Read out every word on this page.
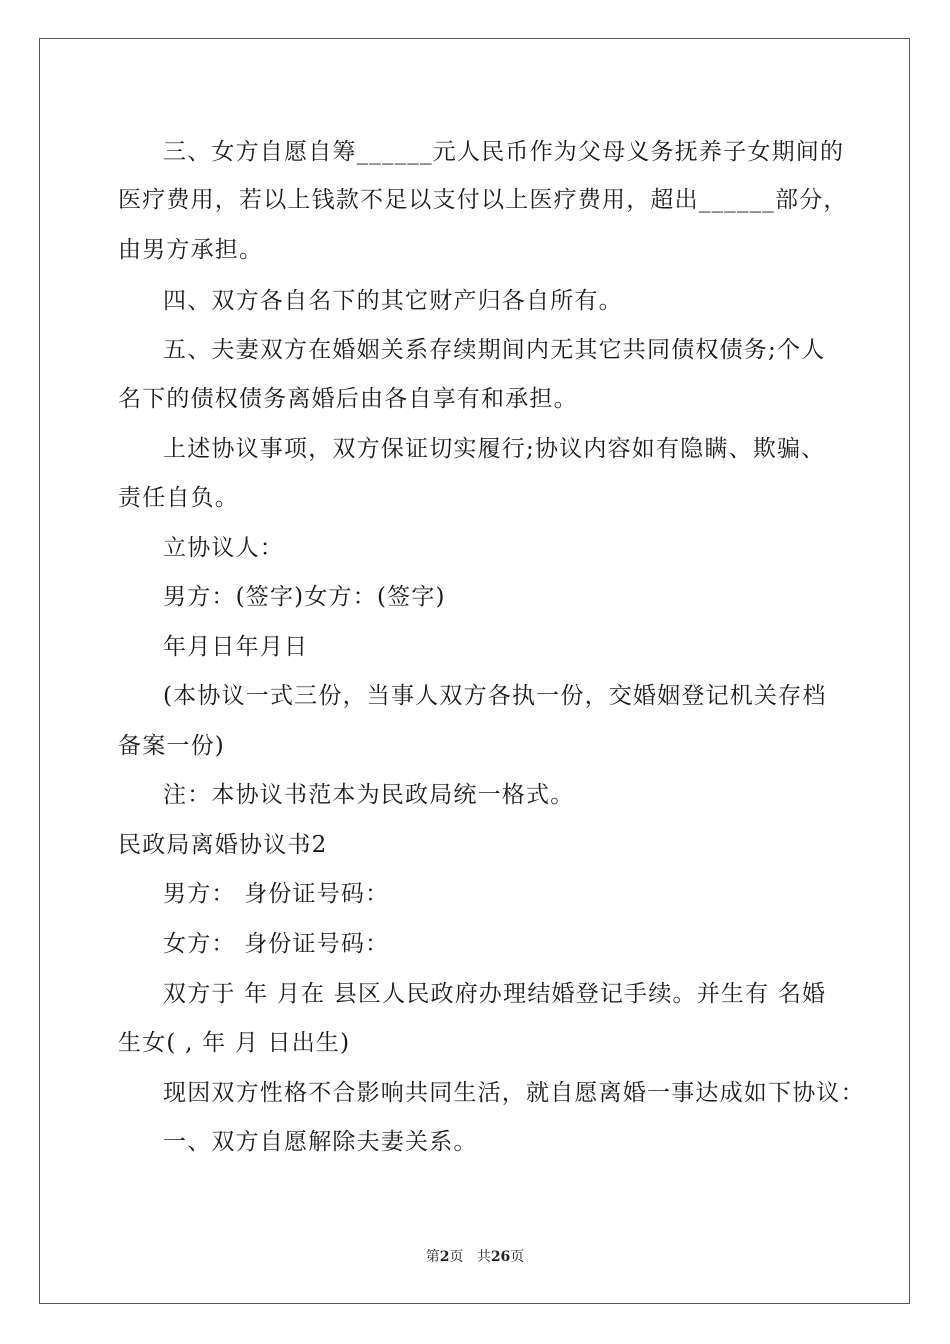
三、女方自愿自筹______元人民币作为父母义务抚养子女期间的
医疗费用，若以上钱款不足以支付以上医疗费用，超出______部分，
由男方承担。
四、双方各自名下的其它财产归各自所有。
五、夫妻双方在婚姻关系存续期间内无其它共同债权债务;个人
名下的债权债务离婚后由各自享有和承担。
上述协议事项，双方保证切实履行;协议内容如有隐瞒、欺骗、
责任自负。
立协议人：
男方：(签字)女方：(签字)
年月日年月日
(本协议一式三份，当事人双方各执一份，交婚姻登记机关存档
备案一份)
注：本协议书范本为民政局统一格式。
民政局离婚协议书2
男方： 身份证号码：
女方： 身份证号码：
双方于 年 月在 县区人民政府办理结婚登记手续。并生有 名婚
生女( , 年 月 日出生)
现因双方性格不合影响共同生活，就自愿离婚一事达成如下协议：
一、双方自愿解除夫妻关系。
第2页 共26页
